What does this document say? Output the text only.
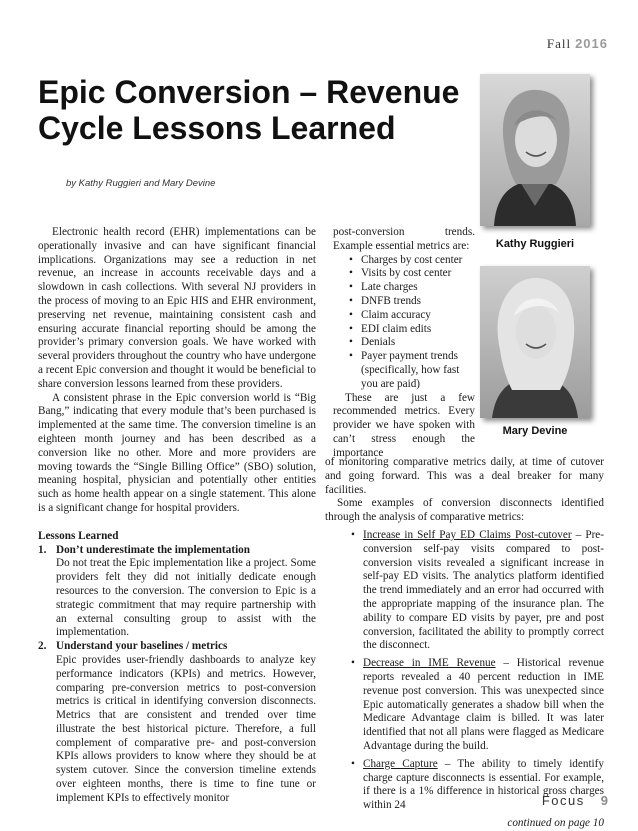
Fall 2016
Epic Conversion – Revenue Cycle Lessons Learned
by Kathy Ruggieri and Mary Devine
Kathy Ruggieri
Mary Devine

Electronic health record (EHR) implementations can be operationally invasive and can have significant financial implications. Organizations may see a reduction in net revenue, an increase in accounts receivable days and a slowdown in cash collections. With several NJ providers in the process of moving to an Epic HIS and EHR environment, preserving net revenue, maintaining consistent cash and ensuring accurate financial reporting should be among the provider’s primary conversion goals. We have worked with several providers throughout the country who have undergone a recent Epic conversion and thought it would be beneficial to share conversion lessons learned from these providers.

A consistent phrase in the Epic conversion world is “Big Bang,” indicating that every module that’s been purchased is implemented at the same time. The conversion timeline is an eighteen month journey and has been described as a conversion like no other. More and more providers are moving towards the “Single Billing Office” (SBO) solution, meaning hospital, physician and potentially other entities such as home health appear on a single statement. This alone is a significant change for hospital providers.

Lessons Learned
1. Don’t underestimate the implementation
Do not treat the Epic implementation like a project. Some providers felt they did not initially dedicate enough resources to the conversion. The conversion to Epic is a strategic commitment that may require partnership with an external consulting group to assist with the implementation.
2. Understand your baselines / metrics
Epic provides user-friendly dashboards to analyze key performance indicators (KPIs) and metrics. However, comparing pre-conversion metrics to post-conversion metrics is critical in identifying conversion disconnects. Metrics that are consistent and trended over time illustrate the best historical picture. Therefore, a full complement of comparative pre- and post-conversion KPIs allows providers to know where they should be at system cutover. Since the conversion timeline extends over eighteen months, there is time to fine tune or implement KPIs to effectively monitor

post-conversion trends. Example essential metrics are:

• Charges by cost center
• Visits by cost center
• Late charges
• DNFB trends
• Claim accuracy
• EDI claim edits
• Denials
• Payer payment trends (specifically, how fast you are paid)

These are just a few recommended metrics. Every provider we have spoken with can’t stress enough the importance

of monitoring comparative metrics daily, at time of cutover and going forward. This was a deal breaker for many facilities.

Some examples of conversion disconnects identified through the analysis of comparative metrics:

• Increase in Self Pay ED Claims Post-cutover – Pre-conversion self-pay visits compared to post-conversion visits revealed a significant increase in self-pay ED visits. The analytics platform identified the trend immediately and an error had occurred with the appropriate mapping of the insurance plan. The ability to compare ED visits by payer, pre and post conversion, facilitated the ability to promptly correct the disconnect.
• Decrease in IME Revenue – Historical revenue reports revealed a 40 percent reduction in IME revenue post conversion. This was unexpected since Epic automatically generates a shadow bill when the Medicare Advantage claim is billed. It was later identified that not all plans were flagged as Medicare Advantage during the build.
• Charge Capture – The ability to timely identify charge capture disconnects is essential. For example, if there is a 1% difference in historical gross charges within 24
continued on page 10
Focus 9
